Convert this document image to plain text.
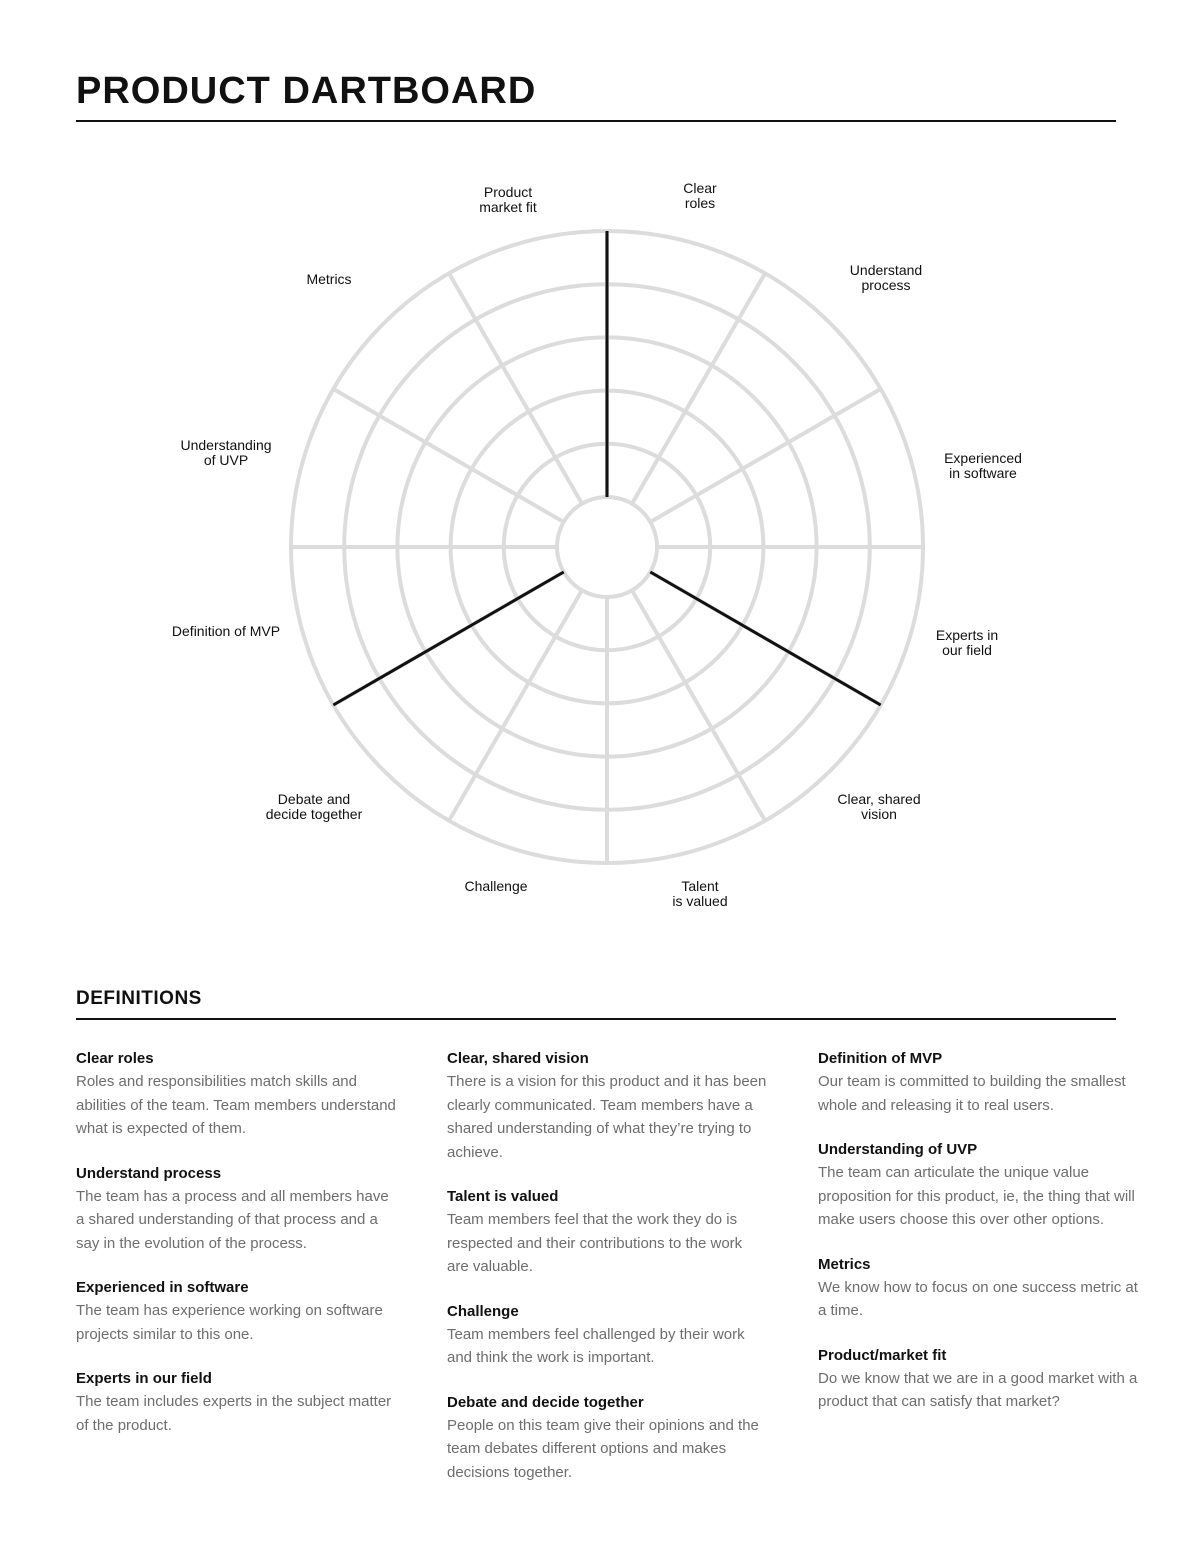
PRODUCT DARTBOARD
Product
market fit
Clear
roles
Understand
process
Experienced
in software
Experts in
our field
Clear, shared
vision
Talent
is valued
Challenge
Debate and
decide together
Definition of MVP
Understanding
of UVP
Metrics
DEFINITIONS
Clear roles
Roles and responsibilities match skills and abilities of the team. Team members understand what is expected of them.
Understand process
The team has a process and all members have a shared understanding of that process and a say in the evolution of the process.
Experienced in software
The team has experience working on software projects similar to this one.
Experts in our field
The team includes experts in the subject matter of the product.
Clear, shared vision
There is a vision for this product and it has been clearly communicated. Team members have a shared understanding of what they’re trying to achieve.
Talent is valued
Team members feel that the work they do is respected and their contributions to the work are valuable.
Challenge
Team members feel challenged by their work and think the work is important.
Debate and decide together
People on this team give their opinions and the team debates different options and makes decisions together.
Definition of MVP
Our team is committed to building the smallest whole and releasing it to real users.
Understanding of UVP
The team can articulate the unique value proposition for this product, ie, the thing that will make users choose this over other options.
Metrics
We know how to focus on one success metric at a time.
Product/market fit
Do we know that we are in a good market with a product that can satisfy that market?
